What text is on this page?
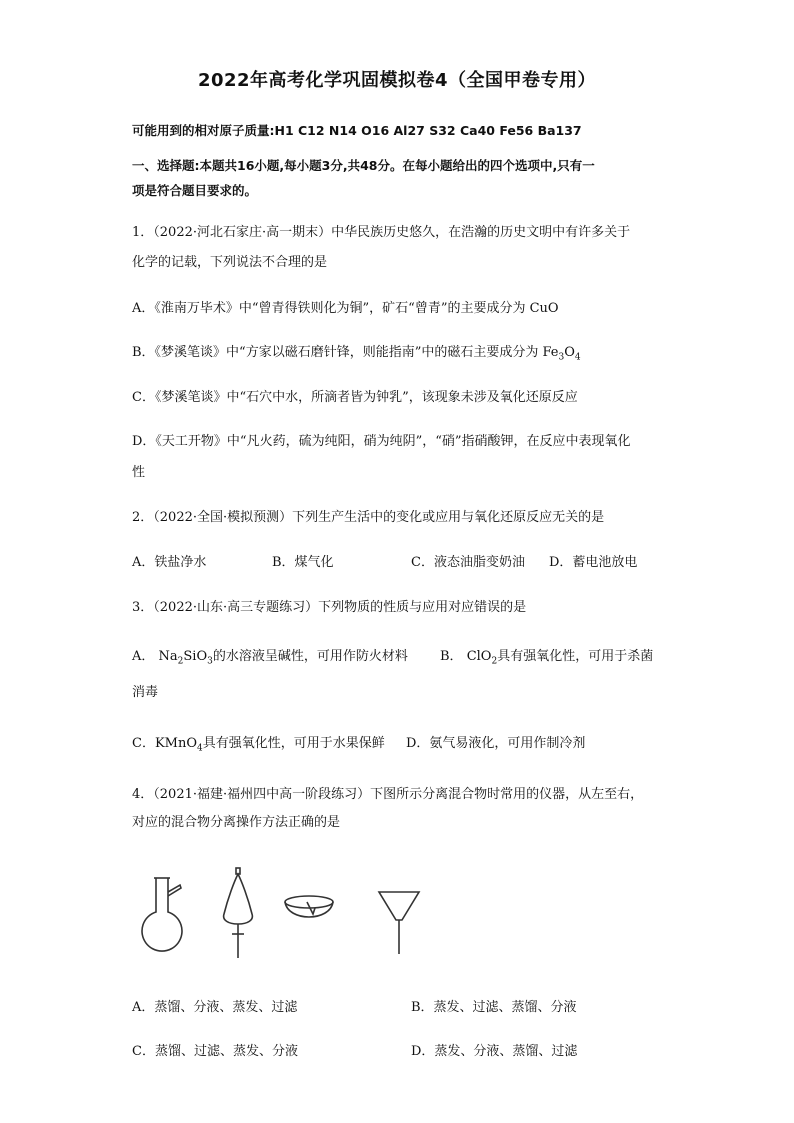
2022年高考化学巩固模拟卷4（全国甲卷专用）
可能用到的相对原子质量:H1 C12 N14 O16 Al27 S32 Ca40 Fe56 Ba137
一、选择题:本题共16小题,每小题3分,共48分。在每小题给出的四个选项中,只有一
项是符合题目要求的。
1．（2022·河北石家庄·高一期末）中华民族历史悠久，在浩瀚的历史文明中有许多关于
化学的记载，下列说法不合理的是
A．《淮南万毕术》中“曾青得铁则化为铜”，矿石“曾青”的主要成分为 CuO
B．《梦溪笔谈》中“方家以磁石磨针锋，则能指南”中的磁石主要成分为 $Fe_3O_4$
C．《梦溪笔谈》中“石穴中水，所滴者皆为钟乳”，该现象未涉及氧化还原反应
D．《天工开物》中“凡火药，硫为纯阳，硝为纯阴”，“硝”指硝酸钾，在反应中表现氧化
性
2．（2022·全国·模拟预测）下列生产生活中的变化或应用与氧化还原反应无关的是
A．铁盐净水	B．煤气化	C．液态油脂变奶油 D．蓄电池放电
3．（2022·山东·高三专题练习）下列物质的性质与应用对应错误的是
A． $Na_2SiO_3$的水溶液呈碱性，可用作防火材料 B． ClO$_2$具有强氧化性，可用于杀菌
消毒
C．KMnO$_4$具有强氧化性，可用于水果保鲜 D．氨气易液化，可用作制冷剂
4．（2021·福建·福州四中高一阶段练习）下图所示分离混合物时常用的仪器，从左至右，
对应的混合物分离操作方法正确的是
A．蒸馏、分液、蒸发、过滤	B．蒸发、过滤、蒸馏、分液
C．蒸馏、过滤、蒸发、分液	D．蒸发、分液、蒸馏、过滤
